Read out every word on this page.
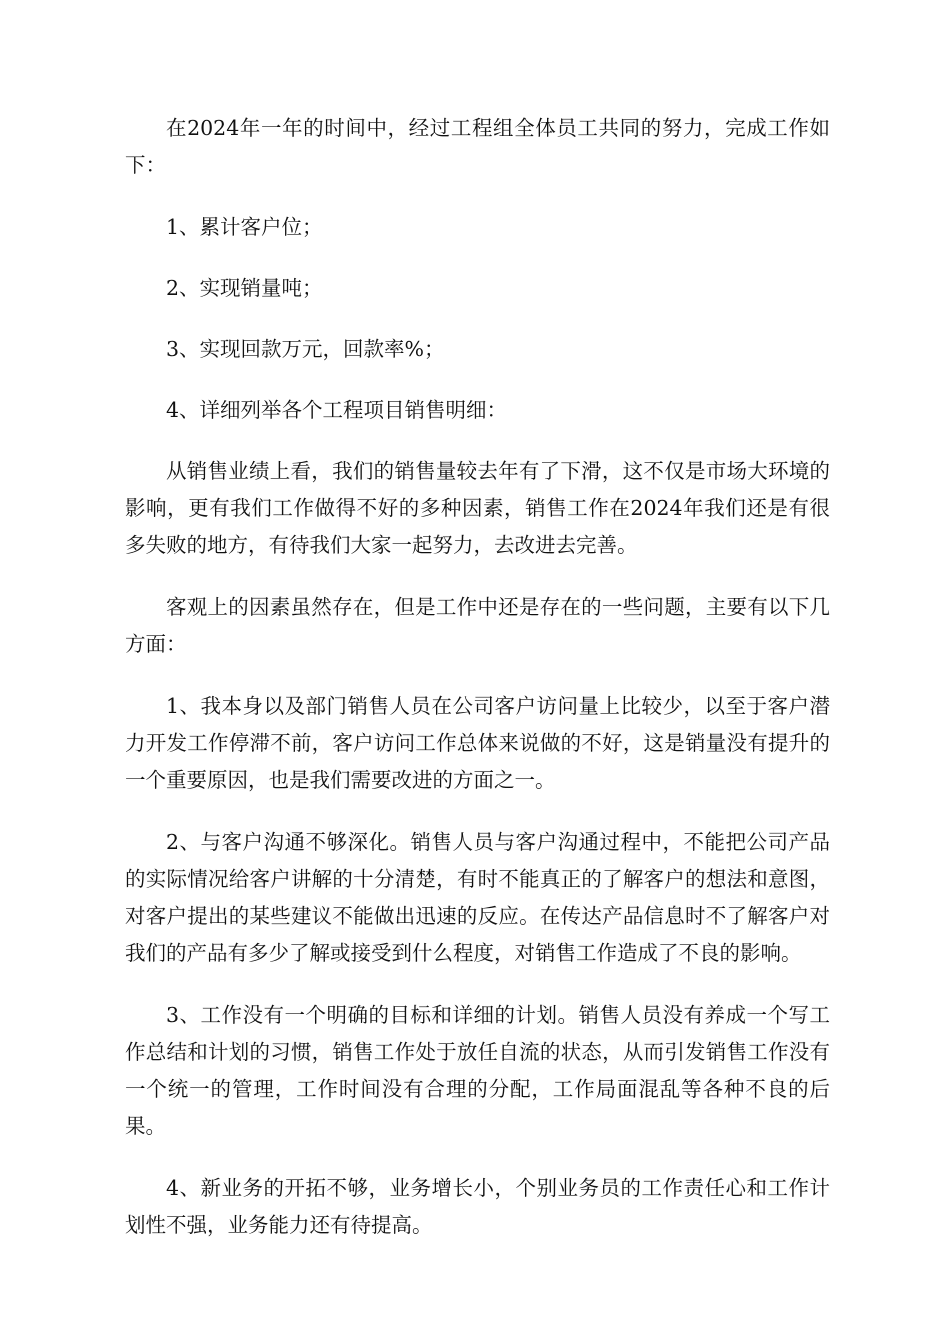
在2024年一年的时间中，经过工程组全体员工共同的努力，完成工作如下：

1、累计客户位；

2、实现销量吨；

3、实现回款万元，回款率%；

4、详细列举各个工程项目销售明细：

从销售业绩上看，我们的销售量较去年有了下滑，这不仅是市场大环境的影响，更有我们工作做得不好的多种因素，销售工作在2024年我们还是有很多失败的地方，有待我们大家一起努力，去改进去完善。

客观上的因素虽然存在，但是工作中还是存在的一些问题，主要有以下几方面：

1、我本身以及部门销售人员在公司客户访问量上比较少，以至于客户潜力开发工作停滞不前，客户访问工作总体来说做的不好，这是销量没有提升的一个重要原因，也是我们需要改进的方面之一。

2、与客户沟通不够深化。销售人员与客户沟通过程中，不能把公司产品的实际情况给客户讲解的十分清楚，有时不能真正的了解客户的想法和意图，对客户提出的某些建议不能做出迅速的反应。在传达产品信息时不了解客户对我们的产品有多少了解或接受到什么程度，对销售工作造成了不良的影响。

3、工作没有一个明确的目标和详细的计划。销售人员没有养成一个写工作总结和计划的习惯，销售工作处于放任自流的状态，从而引发销售工作没有一个统一的管理，工作时间没有合理的分配，工作局面混乱等各种不良的后果。

4、新业务的开拓不够，业务增长小，个别业务员的工作责任心和工作计划性不强，业务能力还有待提高。
